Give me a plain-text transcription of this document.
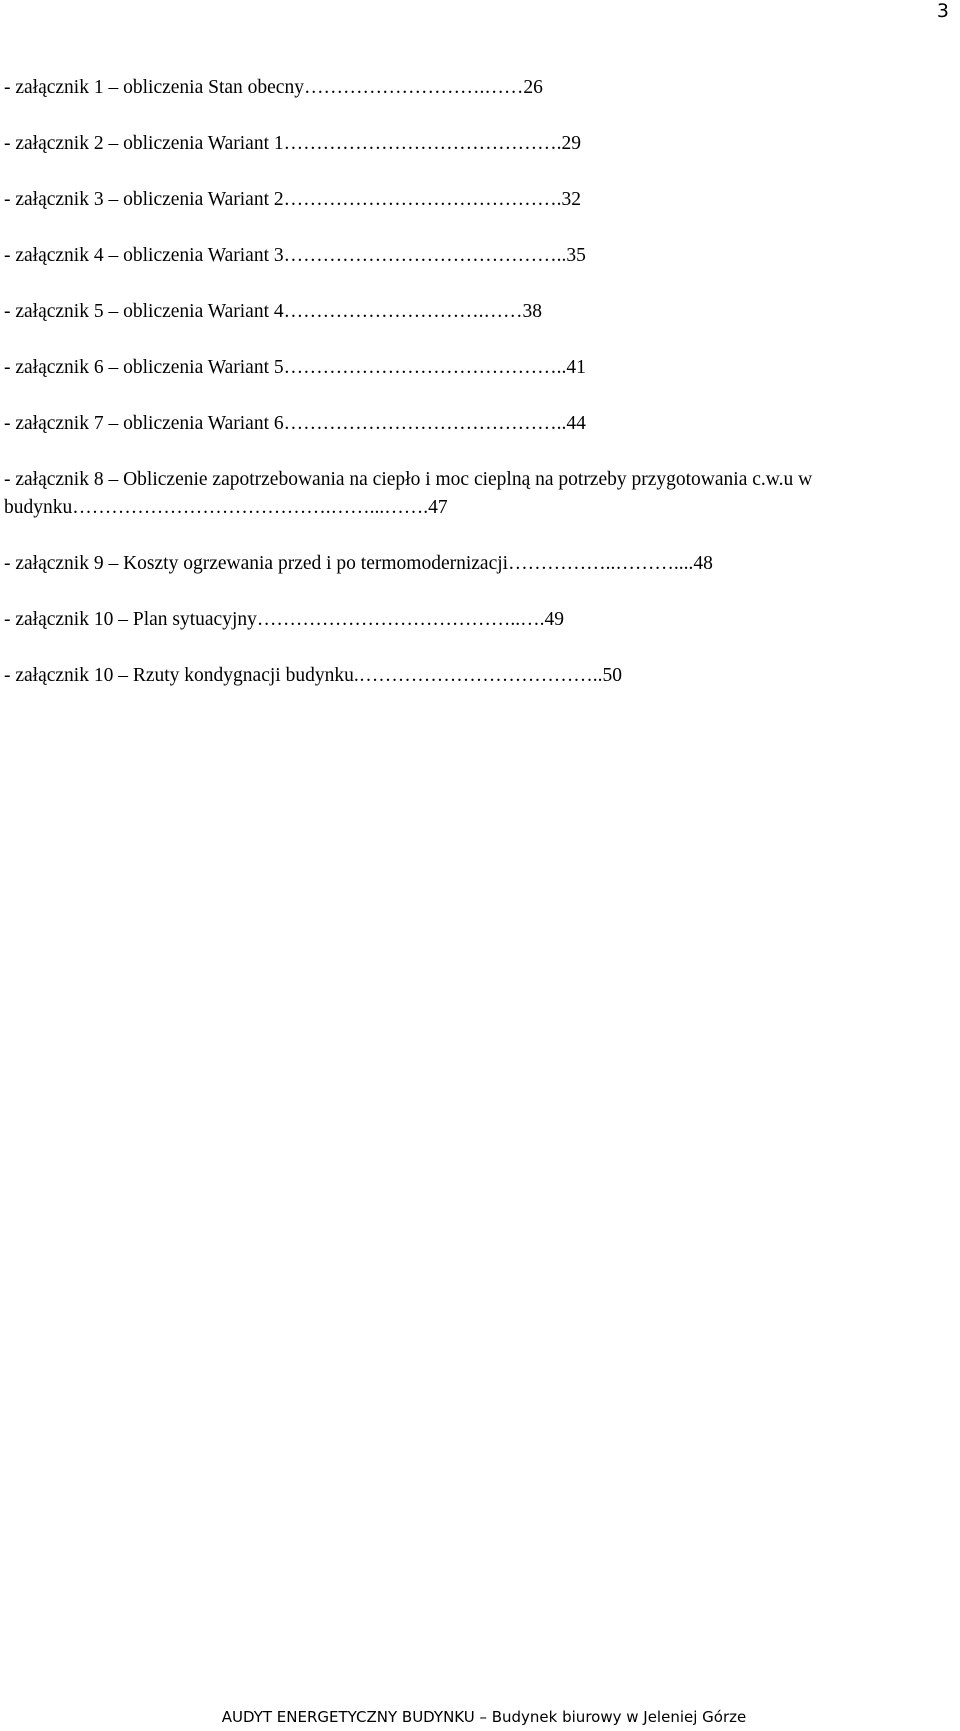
3
- załącznik 1 – obliczenia Stan obecny……………………….……26
- załącznik 2 – obliczenia Wariant 1…………………………………….29
- załącznik 3 – obliczenia Wariant 2…………………………………….32
- załącznik 4 – obliczenia Wariant 3……………………………………..35
- załącznik 5 – obliczenia Wariant 4………………………….……38
- załącznik 6 – obliczenia Wariant 5……………………………………..41
- załącznik 7 – obliczenia Wariant 6……………………………………..44
- załącznik 8 – Obliczenie zapotrzebowania na ciepło i moc cieplną na potrzeby przygotowania c.w.u w budynku………………………………….……...…….47
- załącznik 9 – Koszty ogrzewania przed i po termomodernizacji……………..………....48
- załącznik 10 – Plan sytuacyjny…………………………………..….49
- załącznik 10 – Rzuty kondygnacji budynku.………………………………..50
AUDYT ENERGETYCZNY BUDYNKU – Budynek biurowy w Jeleniej Górze
